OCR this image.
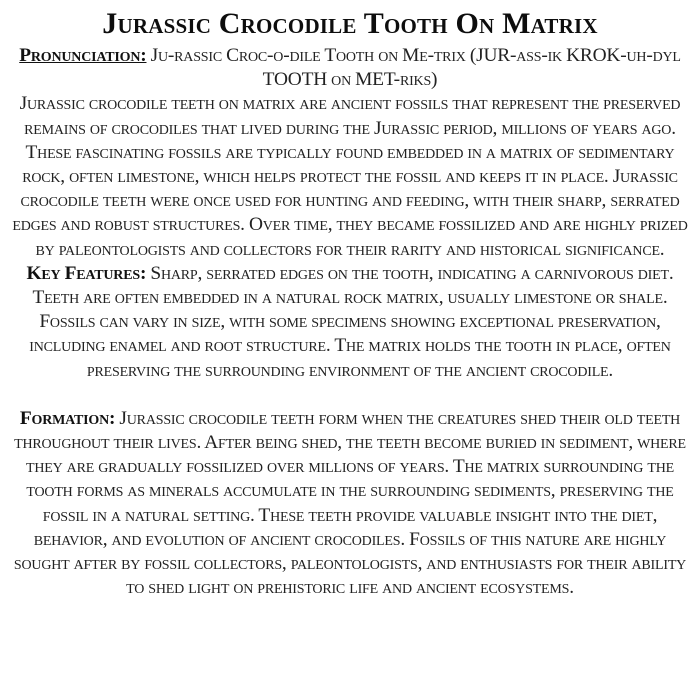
Jurassic Crocodile Tooth On Matrix

Pronunciation: Ju-rassic Croc-o-dile Tooth on Me-trix (JUR-ass-ik KROK-uh-dyl TOOTH on MET-riks)

Jurassic crocodile teeth on matrix are ancient fossils that represent the preserved remains of crocodiles that lived during the Jurassic period, millions of years ago. These fascinating fossils are typically found embedded in a matrix of sedimentary rock, often limestone, which helps protect the fossil and keeps it in place. Jurassic crocodile teeth were once used for hunting and feeding, with their sharp, serrated edges and robust structures. Over time, they became fossilized and are highly prized by paleontologists and collectors for their rarity and historical significance.

Key Features: Sharp, serrated edges on the tooth, indicating a carnivorous diet. Teeth are often embedded in a natural rock matrix, usually limestone or shale. Fossils can vary in size, with some specimens showing exceptional preservation, including enamel and root structure. The matrix holds the tooth in place, often preserving the surrounding environment of the ancient crocodile.

Formation: Jurassic crocodile teeth form when the creatures shed their old teeth throughout their lives. After being shed, the teeth become buried in sediment, where they are gradually fossilized over millions of years. The matrix surrounding the tooth forms as minerals accumulate in the surrounding sediments, preserving the fossil in a natural setting. These teeth provide valuable insight into the diet, behavior, and evolution of ancient crocodiles. Fossils of this nature are highly sought after by fossil collectors, paleontologists, and enthusiasts for their ability to shed light on prehistoric life and ancient ecosystems.
